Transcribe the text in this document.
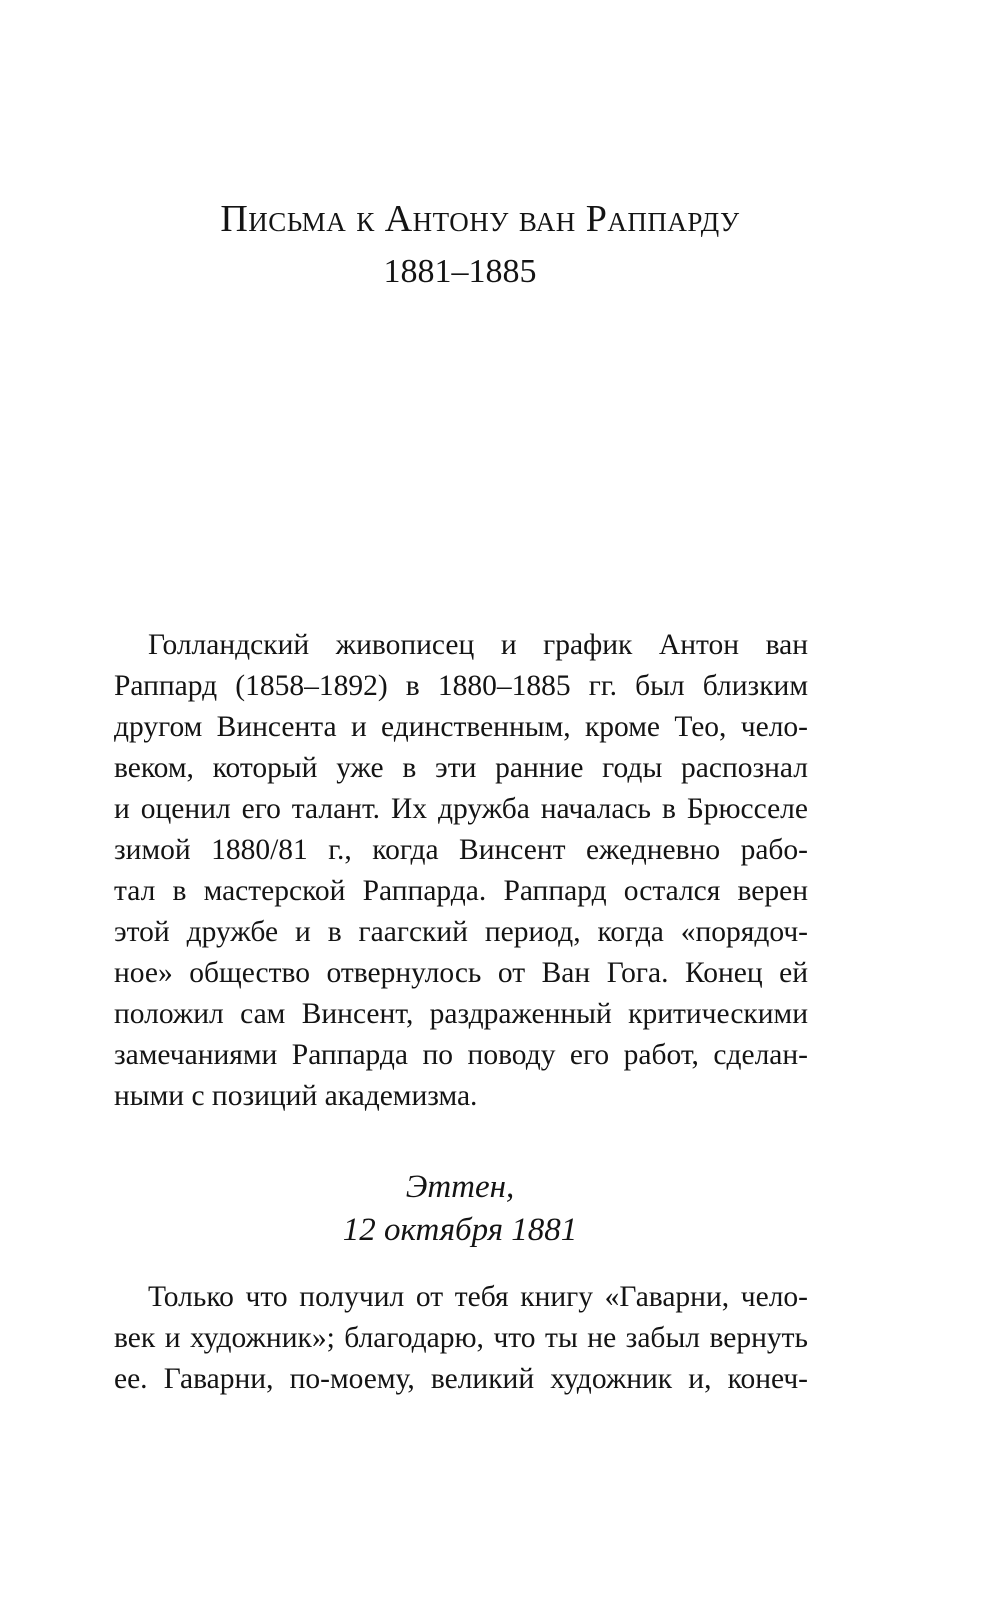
Письма к Антону ван Раппарду
1881–1885
Голландский живописец и график Антон ван
Раппард (1858–1892) в 1880–1885 гг. был близким
другом Винсента и единственным, кроме Тео, чело-
веком, который уже в эти ранние годы распознал
и оценил его талант. Их дружба началась в Брюсселе
зимой 1880/81 г., когда Винсент ежедневно рабо-
тал в мастерской Раппарда. Раппард остался верен
этой дружбе и в гаагский период, когда «порядоч-
ное» общество отвернулось от Ван Гога. Конец ей
положил сам Винсент, раздраженный критическими
замечаниями Раппарда по поводу его работ, сделан-
ными с позиций академизма.
Эттен,
12 октября 1881
Только что получил от тебя книгу «Гаварни, чело-
век и художник»; благодарю, что ты не забыл вернуть
ее. Гаварни, по-моему, великий художник и, конеч-
